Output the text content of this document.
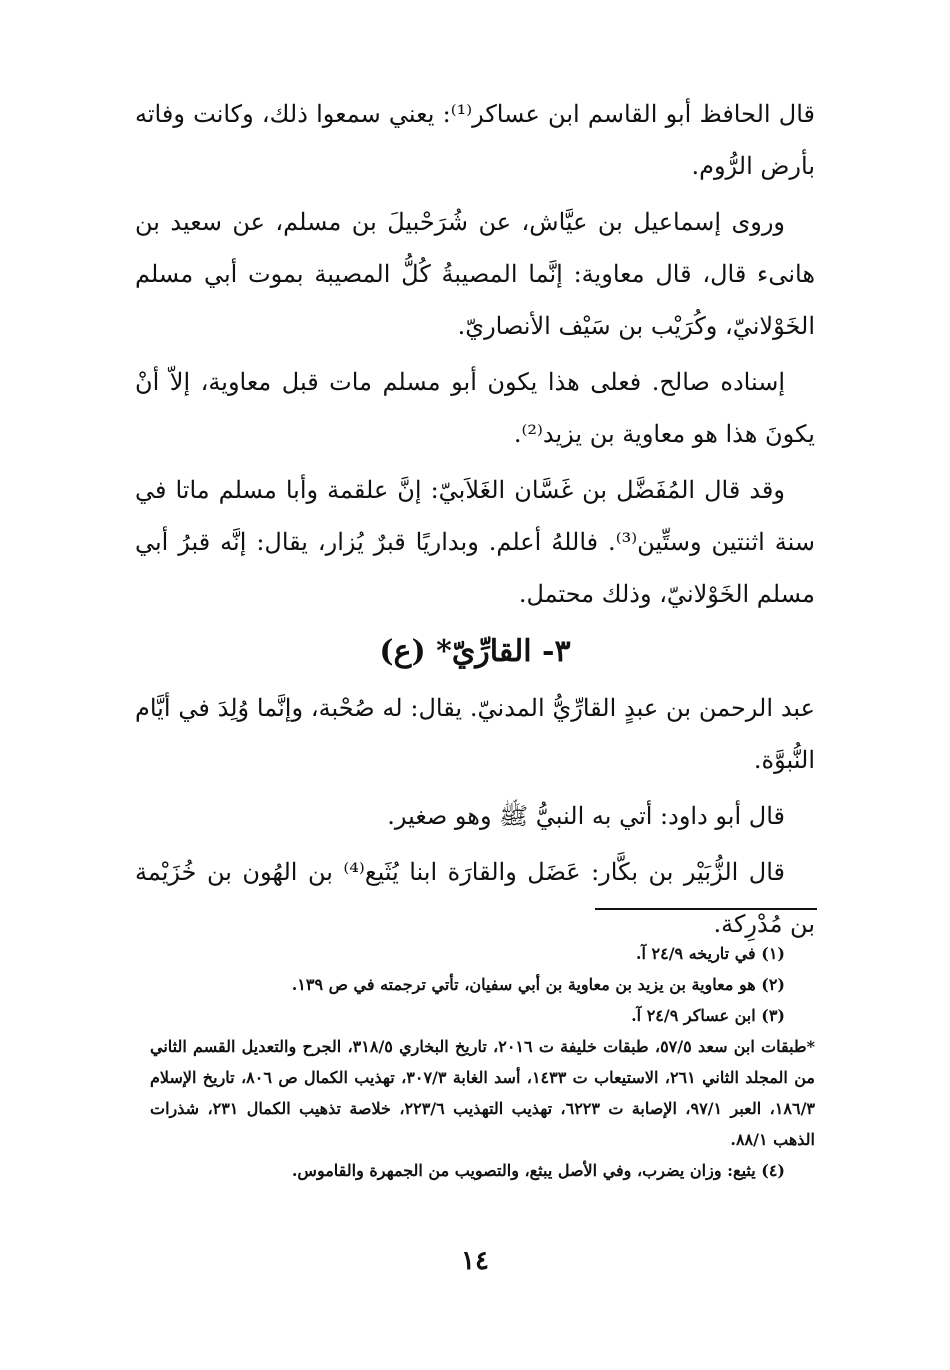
قال الحافظ أبو القاسم ابن عساكر⁽¹⁾: يعني سمعوا ذلك، وكانت وفاته بأرض الرُّوم.

وروى إسماعيل بن عيَّاش، عن شُرَحْبيلَ بن مسلم، عن سعيد بن هانىء قال، قال معاوية: إنَّما المصيبةُ كُلُّ المصيبة بموت أبي مسلم الخَوْلانيّ، وكُرَيْب بن سَيْف الأنصاريّ.

إسناده صالح. فعلى هذا يكون أبو مسلم مات قبل معاوية، إلاّ أنْ يكونَ هذا هو معاوية بن يزيد⁽²⁾.

وقد قال المُفَضَّل بن غَسَّان الغَلاَبيّ: إنَّ علقمة وأبا مسلم ماتا في سنة اثنتين وستِّين⁽³⁾. فاللهُ أعلم. وبداريًا قبرٌ يُزار، يقال: إنَّه قبرُ أبي مسلم الخَوْلانيّ، وذلك محتمل.

٣- القارِّيّ* (ع)

عبد الرحمن بن عبدٍ القارِّيُّ المدنيّ. يقال: له صُحْبة، وإنَّما وُلِدَ في أيَّام النُّبوَّة.

قال أبو داود: أتي به النبيُّ ﷺ وهو صغير.

قال الزُّبَيْر بن بكَّار: عَضَل والقارَة ابنا يُثَيع⁽⁴⁾ بن الهُون بن خُزَيْمة بن مُدْرِكة.

(١) في تاريخه ٢٤/٩ آ.

(٢) هو معاوية بن يزيد بن معاوية بن أبي سفيان، تأتي ترجمته في ص ١٣٩.

(٣) ابن عساكر ٢٤/٩ آ.

*طبقات ابن سعد ٥٧/٥، طبقات خليفة ت ٢٠١٦، تاريخ البخاري ٣١٨/٥، الجرح والتعديل القسم الثاني من المجلد الثاني ٢٦١، الاستيعاب ت ١٤٣٣، أسد الغابة ٣٠٧/٣، تهذيب الكمال ص ٨٠٦، تاريخ الإسلام ١٨٦/٣، العبر ٩٧/١، الإصابة ت ٦٢٢٣، تهذيب التهذيب ٢٢٣/٦، خلاصة تذهيب الكمال ٢٣١، شذرات الذهب ٨٨/١.

(٤) يثيع: وزان يضرب، وفي الأصل يبثع، والتصويب من الجمهرة والقاموس.

١٤
